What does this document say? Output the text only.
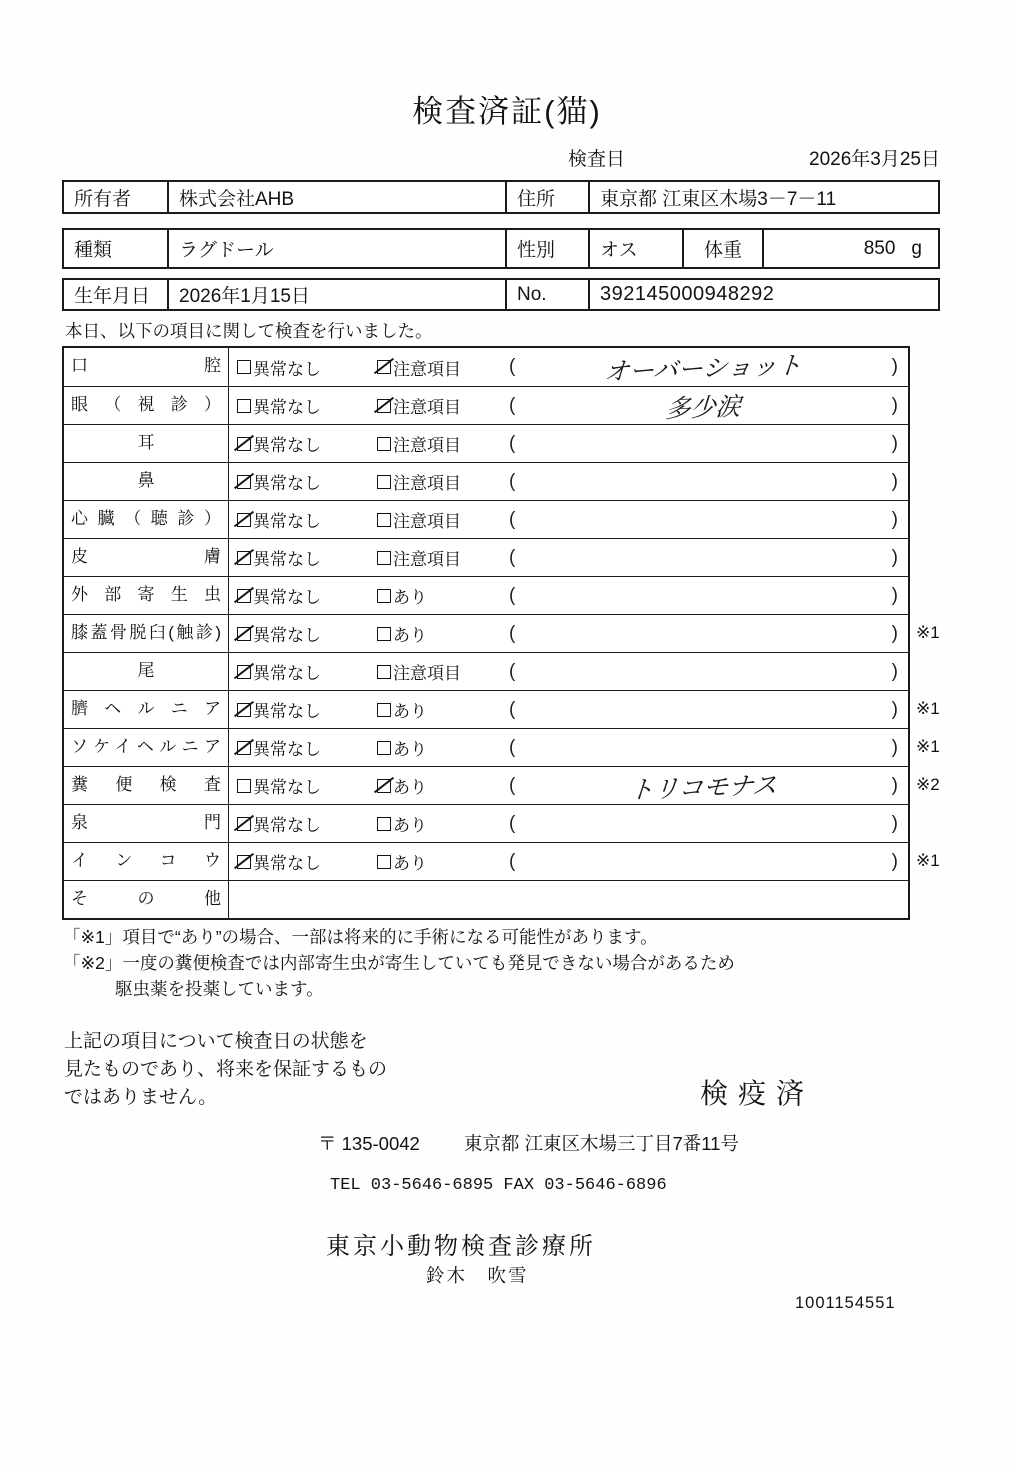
検査済証(猫)
検査日	2026年3月25日
所有者	株式会社AHB	住所	東京都 江東区木場3－7－11
種類	ラグドール	性別	オス	体重	850 g
生年月日	2026年1月15日	No.	392145000948292
本日、以下の項目に関して検査を行いました。
口腔	異常なし	注意項目	(	オーバーショット	)
眼（視診）	異常なし	注意項目	(	多少涙	)
耳	異常なし	注意項目	(	)
鼻	異常なし	注意項目	(	)
心臓（聴診）	異常なし	注意項目	(	)
皮膚	異常なし	注意項目	(	)
外部寄生虫	異常なし	あり	(	)
膝蓋骨脱臼(触診)	異常なし	あり	(	) ※1
尾	異常なし	注意項目	(	)
臍ヘルニア	異常なし	あり	(	) ※1
ソケイヘルニア	異常なし	あり	(	) ※1
糞便検査	異常なし	あり	(	トリコモナス	) ※2
泉門	異常なし	あり	(	)
インコウ	異常なし	あり	(	) ※1
その他
「※1」項目で“あり”の場合、一部は将来的に手術になる可能性があります。
「※2」一度の糞便検査では内部寄生虫が寄生していても発見できない場合があるため
駆虫薬を投薬しています。
上記の項目について検査日の状態を
見たものであり、将来を保証するもの
ではありません。	検疫済
〒 135-0042 東京都 江東区木場三丁目7番11号
TEL 03-5646-6895 FAX 03-5646-6896
東京小動物検査診療所
鈴木　吹雪
1001154551
